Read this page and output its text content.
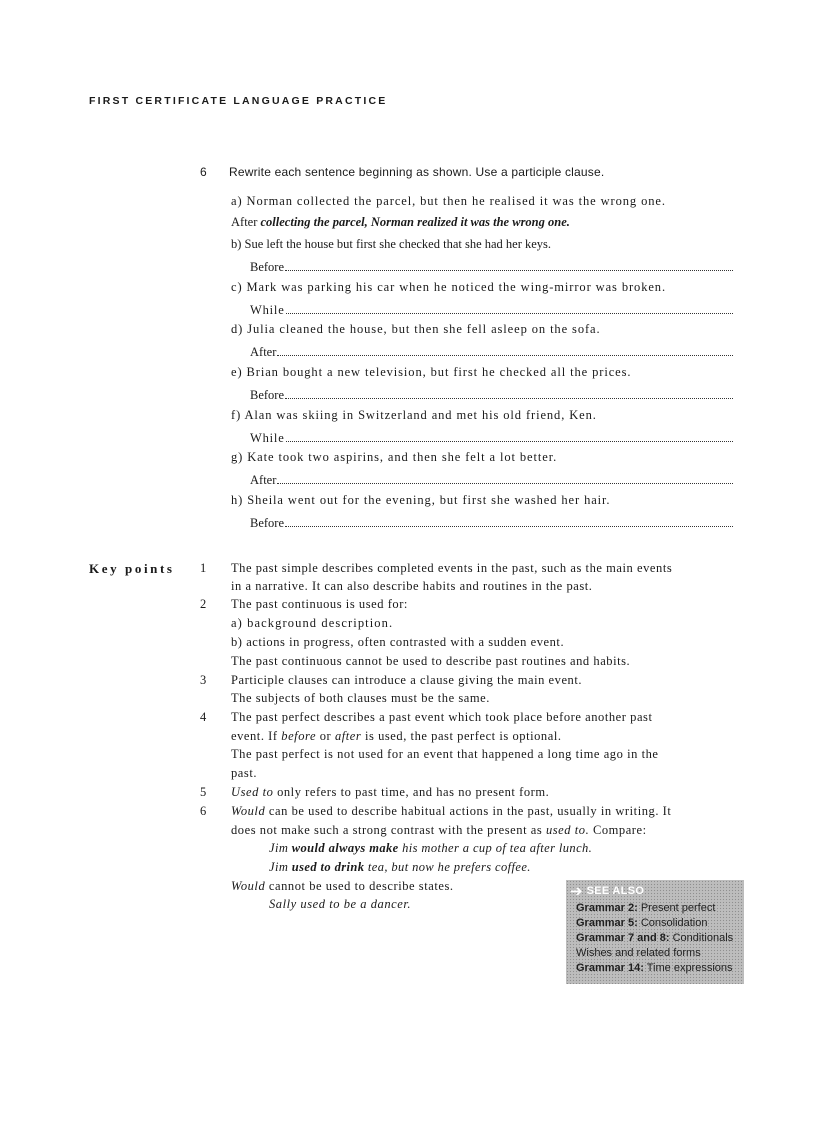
FIRST CERTIFICATE LANGUAGE PRACTICE
6 Rewrite each sentence beginning as shown. Use a participle clause.
a) Norman collected the parcel, but then he realised it was the wrong one.
After collecting the parcel, Norman realized it was the wrong one.
b) Sue left the house but first she checked that she had her keys.
Before
c) Mark was parking his car when he noticed the wing-mirror was broken.
While
d) Julia cleaned the house, but then she fell asleep on the sofa.
After
e) Brian bought a new television, but first he checked all the prices.
Before
f) Alan was skiing in Switzerland and met his old friend, Ken.
While
g) Kate took two aspirins, and then she felt a lot better.
After
h) Sheila went out for the evening, but first she washed her hair.
Before
Key points 1 The past simple describes completed events in the past, such as the main events
in a narrative. It can also describe habits and routines in the past.
2 The past continuous is used for:
a) background description.
b) actions in progress, often contrasted with a sudden event.
The past continuous cannot be used to describe past routines and habits.
3 Participle clauses can introduce a clause giving the main event.
The subjects of both clauses must be the same.
4 The past perfect describes a past event which took place before another past
event. If before or after is used, the past perfect is optional.
The past perfect is not used for an event that happened a long time ago in the
past.
5 Used to only refers to past time, and has no present form.
6 Would can be used to describe habitual actions in the past, usually in writing. It
does not make such a strong contrast with the present as used to. Compare:
Jim would always make his mother a cup of tea after lunch.
Jim used to drink tea, but now he prefers coffee.
Would cannot be used to describe states.
Sally used to be a dancer.
➔ SEE ALSO
Grammar 2: Present perfect
Grammar 5: Consolidation
Grammar 7 and 8: Conditionals
Wishes and related forms
Grammar 14: Time expressions
